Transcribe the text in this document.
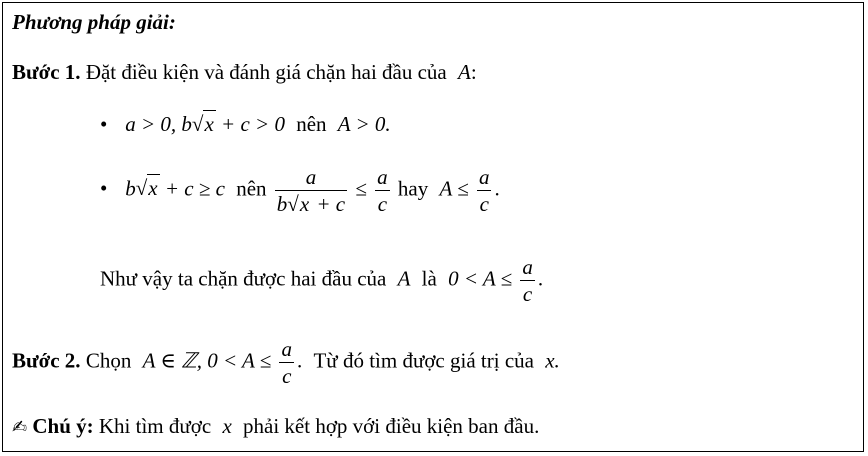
Phương pháp giải:
Bước 1. Đặt điều kiện và đánh giá chặn hai đầu của A:
• a > 0, b√x + c > 0 nên A > 0.
• b√x + c ≥ c nên $\frac{a}{b√x + c} \le \frac{a}{c}$ hay $A \le \frac{a}{c}$ .
Như vậy ta chặn được hai đầu của A là $0 < A \le \frac{a}{c}$ .
Bước 2. Chọn A ∈ ℤ, $0 < A \le \frac{a}{c}$ . Từ đó tìm được giá trị của x.
✍ Chú ý: Khi tìm được x phải kết hợp với điều kiện ban đầu.
